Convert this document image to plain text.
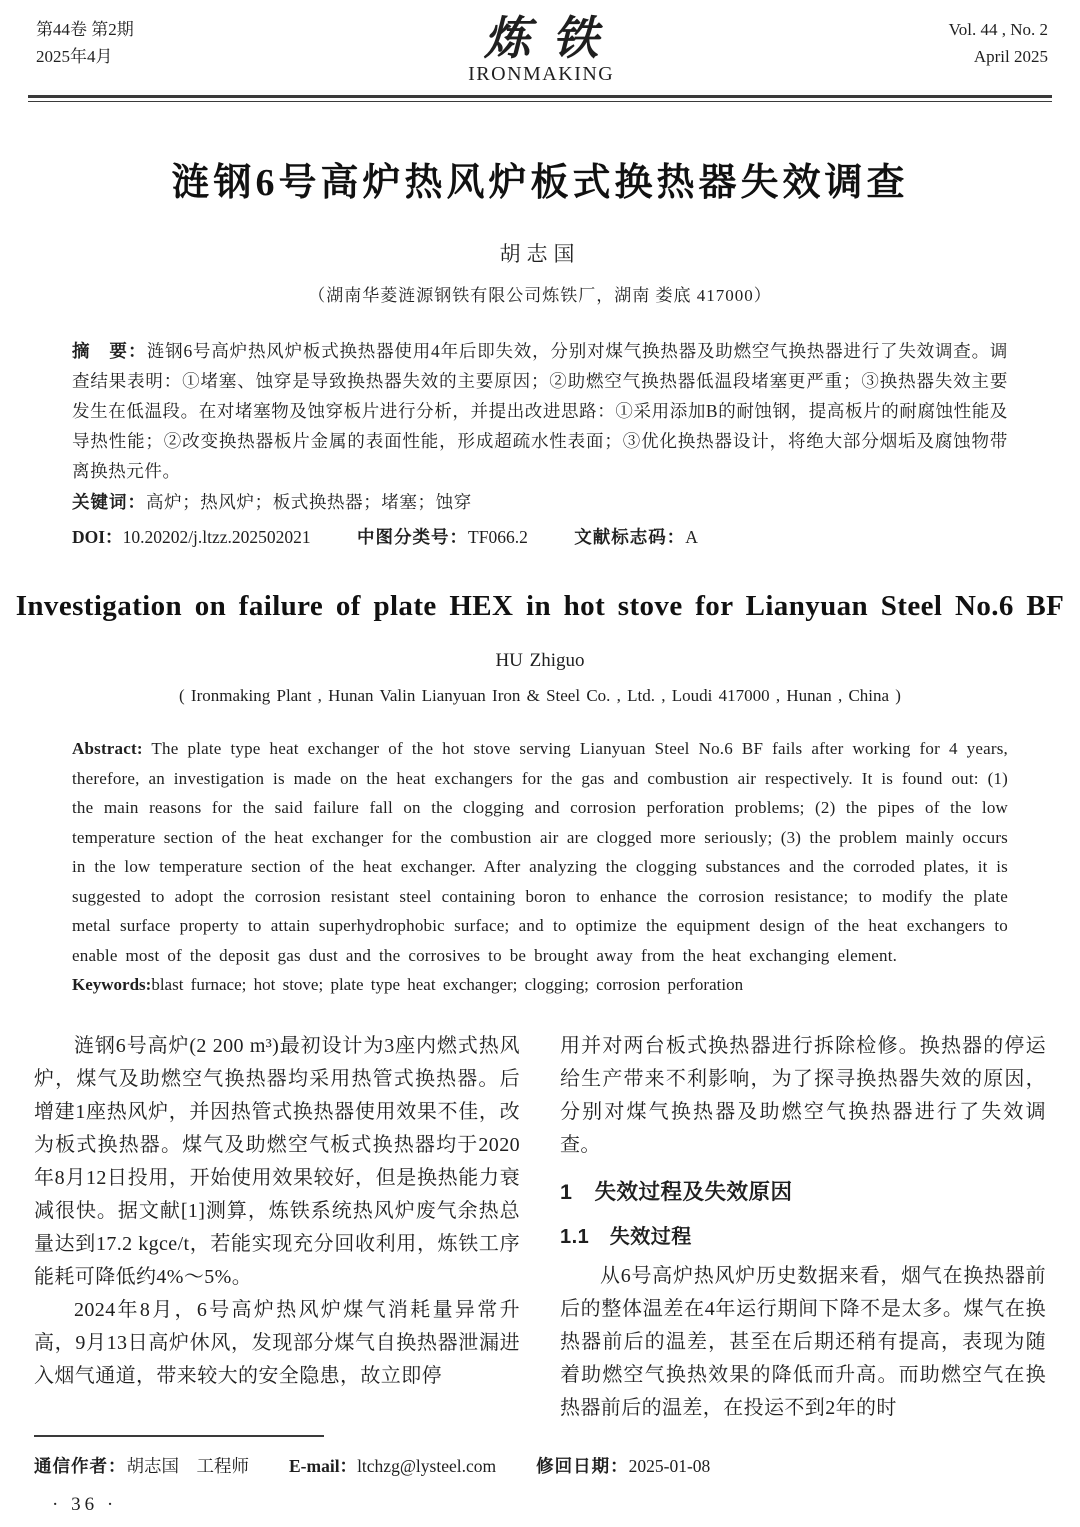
第44卷 第2期
2025年4月	炼铁
IRONMAKING
Vol. 44 , No. 2
April 2025
涟钢6号高炉热风炉板式换热器失效调查
胡志国
（湖南华菱涟源钢铁有限公司炼铁厂，湖南 娄底 417000）
摘　要：涟钢6号高炉热风炉板式换热器使用4年后即失效，分别对煤气换热器及助燃空气换热器进行了失效调查。调查结果表明：①堵塞、蚀穿是导致换热器失效的主要原因；②助燃空气换热器低温段堵塞更严重；③换热器失效主要发生在低温段。在对堵塞物及蚀穿板片进行分析，并提出改进思路：①采用添加B的耐蚀钢，提高板片的耐腐蚀性能及导热性能；②改变换热器板片金属的表面性能，形成超疏水性表面；③优化换热器设计，将绝大部分烟垢及腐蚀物带离换热元件。
关键词：高炉；热风炉；板式换热器；堵塞；蚀穿
DOI：10.20202/j.ltzz.202502021	中图分类号：TF066.2	文献标志码：A
Investigation on failure of plate HEX in hot stove for Lianyuan Steel No.6 BF
HU Zhiguo
( Ironmaking Plant , Hunan Valin Lianyuan Iron & Steel Co. , Ltd. , Loudi 417000 , Hunan , China )
Abstract: The plate type heat exchanger of the hot stove serving Lianyuan Steel No.6 BF fails after working for 4 years, therefore, an investigation is made on the heat exchangers for the gas and combustion air respectively. It is found out: (1) the main reasons for the said failure fall on the clogging and corrosion perforation problems; (2) the pipes of the low temperature section of the heat exchanger for the combustion air are clogged more seriously; (3) the problem mainly occurs in the low temperature section of the heat exchanger. After analyzing the clogging substances and the corroded plates, it is suggested to adopt the corrosion resistant steel containing boron to enhance the corrosion resistance; to modify the plate metal surface property to attain superhydrophobic surface; and to optimize the equipment design of the heat exchangers to enable most of the deposit gas dust and the corrosives to be brought away from the heat exchanging element.
Keywords:blast furnace; hot stove; plate type heat exchanger; clogging; corrosion perforation

涟钢6号高炉(2 200 m³)最初设计为3座内燃式热风炉，煤气及助燃空气换热器均采用热管式换热器。后增建1座热风炉，并因热管式换热器使用效果不佳，改为板式换热器。煤气及助燃空气板式换热器均于2020年8月12日投用，开始使用效果较好，但是换热能力衰减很快。据文献[1]测算，炼铁系统热风炉废气余热总量达到17.2 kgce/t，若能实现充分回收利用，炼铁工序能耗可降低约4%～5%。

2024年8月，6号高炉热风炉煤气消耗量异常升高，9月13日高炉休风，发现部分煤气自换热器泄漏进入烟气通道，带来较大的安全隐患，故立即停

用并对两台板式换热器进行拆除检修。换热器的停运给生产带来不利影响，为了探寻换热器失效的原因，分别对煤气换热器及助燃空气换热器进行了失效调查。

1　失效过程及失效原因
1.1　失效过程

从6号高炉热风炉历史数据来看，烟气在换热器前后的整体温差在4年运行期间下降不是太多。煤气在换热器前后的温差，甚至在后期还稍有提高，表现为随着助燃空气换热效果的降低而升高。而助燃空气在换热器前后的温差，在投运不到2年的时

通信作者：胡志国　工程师 E-mail：ltchzg@lysteel.com 修回日期：2025-01-08
· 36 ·
